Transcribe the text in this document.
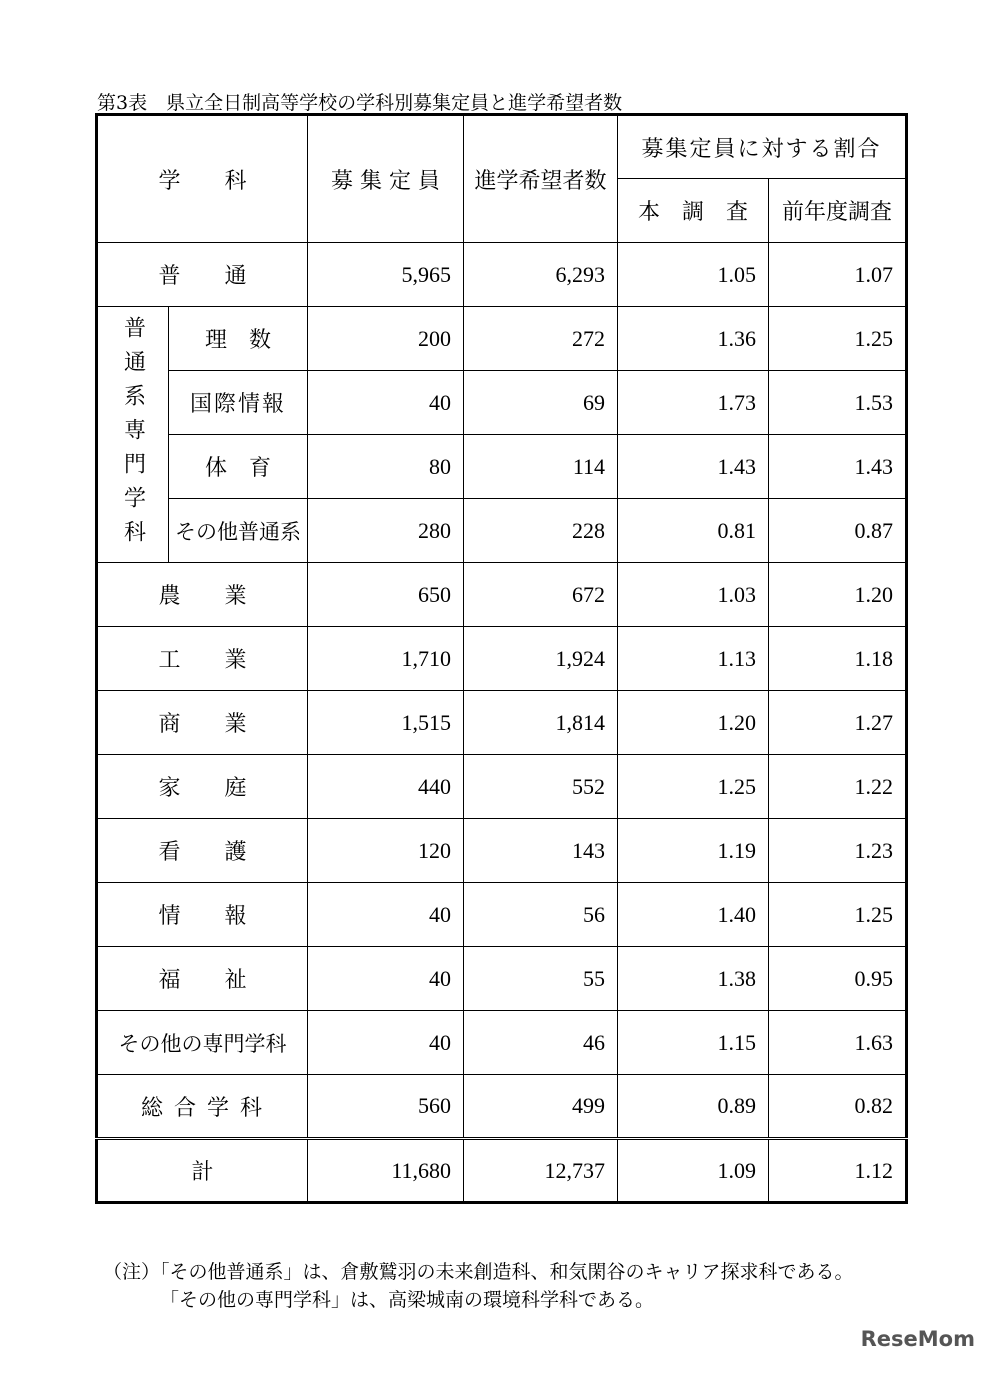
第3表　県立全日制高等学校の学科別募集定員と進学希望者数
学　　科		募 集 定 員	進学希望者数	募集定員に対する割合	
				本　調　査	前年度調査
普　　通		5,965	6,293	1.05	1.07
普通系専門学科	理　数	200	272	1.36	1.25
	国際情報	40	69	1.73	1.53
	体　育	80	114	1.43	1.43
	その他普通系	280	228	0.81	0.87
農　　業		650	672	1.03	1.20
工　　業		1,710	1,924	1.13	1.18
商　　業		1,515	1,814	1.20	1.27
家　　庭		440	552	1.25	1.22
看　　護		120	143	1.19	1.23
情　　報		40	56	1.40	1.25
福　　祉		40	55	1.38	0.95
その他の専門学科		40	46	1.15	1.63
総 合 学 科		560	499	0.89	0.82
計		11,680	12,737	1.09	1.12
（注）「その他普通系」は、倉敷鷲羽の未来創造科、和気閑谷のキャリア探求科である。
「その他の専門学科」は、高梁城南の環境科学科である。
ReseMom
